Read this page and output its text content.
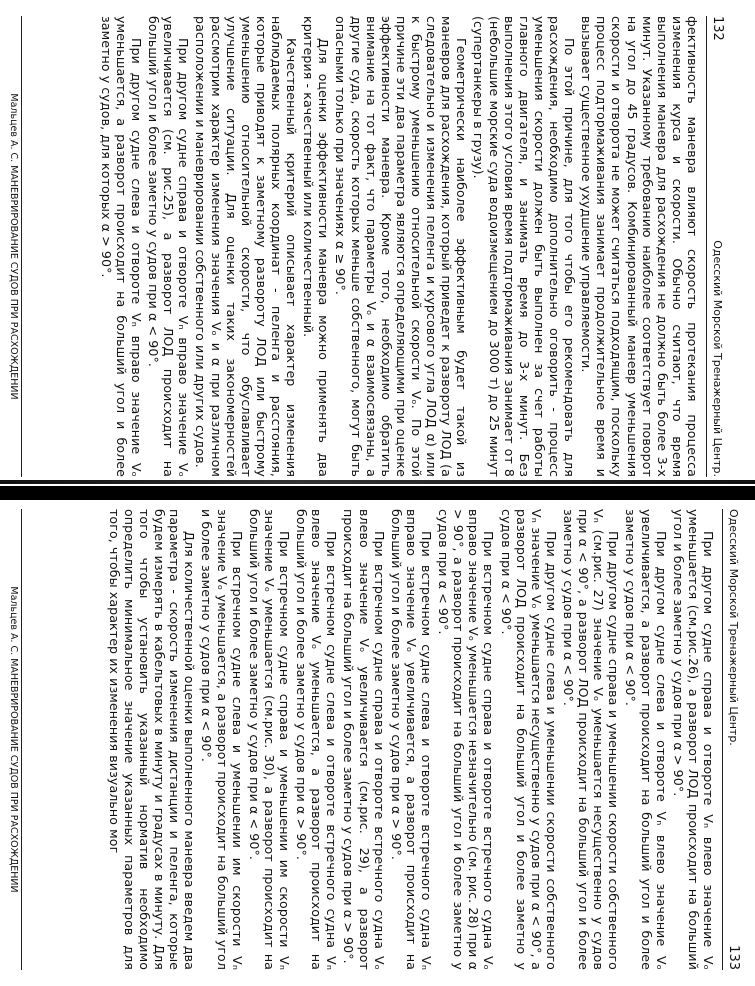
132
Одесский Морской Тренажерный Центр.

фективность маневра влияют скорость протекания процесса изменения курса и скорости. Обычно считают, что время выполнения маневра для расхождения не должно быть более 3-х минут. Указанному требованию наиболее соответствует поворот на угол до 45 градусов. Комбинированный маневр уменьшения скорости и отворота не может считаться подходящим, поскольку процесс подтормаживания занимает продолжительное время и вызывает существенное ухудшение управляемости.

По этой причине, для того чтобы его рекомендовать для расхождения, необходимо дополнительно оговорить - процесс уменьшения скорости должен быть выполнен за счет работы главного двигателя, и занимать время до 3-х минут. Без выполнения этого условия время подтормаживания занимает от 8 (небольшие морские суда водоизмещением до 3000 т) до 25 минут (супертанкеры в грузу).

Геометрически наиболее эффективным будет такой из маневров для расхождения, который приведет к развороту ЛОД (а следовательно и изменения пеленга и курсового угла ЛОД α) или к быстрому уменьшению относительной скорости Vₒ. По этой причине эти два параметра являются определяющими при оценке эффективности маневра. Кроме того, необходимо обратить внимание на тот факт, что параметры Vₒ и α взаимосвязаны, а другие суда, скорость которых меньше собственного, могут быть опасными только при значениях α ≥ 90°.

Для оценки эффективности маневра можно применять два критерия - качественный или количественный.

Качественный критерий описывает характер изменения наблюдаемых полярных координат - пеленга и расстояния, которые приводят к заметному развороту ЛОД или быстрому уменьшению относительной скорости, что обуславливает улучшение ситуации. Для оценки таких закономерностей рассмотрим характер изменения значения Vₒ и α при различном расположении и маневрировании собственного или других судов.

При другом судне справа и отвороте Vₙ вправо значение Vₒ увеличивается (см. рис.25), а разворот ЛОД происходит на больший угол и более заметно у судов при α < 90°.

При другом судне слева и отвороте Vₙ вправо значение Vₒ уменьшается, а разворот происходит на больший угол и более заметно у судов, для которых α > 90°.

Мальцев А. С. МАНЕВРИРОВАНИЕ СУДОВ ПРИ РАСХОЖДЕНИИ
Одесский Морской Тренажерный Центр.
133

При другом судне справа и отвороте Vₙ влево значение Vₒ уменьшается (см.рис.26), а разворот ЛОД происходит на больший угол и более заметно у судов при α > 90°.

При другом судне слева и отвороте Vₙ влево значение Vₒ увеличивается, а разворот происходит на больший угол и более заметно у судов при α < 90°.

При другом судне справа и уменьшении скорости собственного Vₙ (см.рис. 27) значение Vₒ уменьшается несущественно у судов при α < 90°, а разворот ЛОД происходит на больший угол и более заметно у судов при α < 90°.

При другом судне слева и уменьшении скорости собственного Vₙ значение Vₒ уменьшается несущественно у судов при α < 90°, а разворот ЛОД происходит на больший угол и более заметно у судов при α < 90°.

При встречном судне справа и отвороте встречного судна Vₒ вправо значение Vₒ уменьшается незначительно (см. рис. 28) при α > 90°, а разворот происходит на больший угол и более заметно у судов при α < 90°.

При встречном судне слева и отвороте встречного судна Vₙ вправо значение Vₒ увеличивается, а разворот происходит на больший угол и более заметно у судов при α > 90°.

При встречном судне справа и отвороте встречного судна Vₒ влево значение Vₒ увеличивается (см.рис. 29), а разворот происходит на больший угол и более заметно у судов при α > 90°.

При встречном судне слева и отвороте встречного судна Vₙ влево значение Vₒ уменьшается, а разворот происходит на больший угол и более заметно у судов при α > 90°.

При встречном судне справа и уменьшении им скорости Vₙ значение Vₒ уменьшается (см.рис. 30), а разворот происходит на больший угол и более заметно у судов при α < 90°.

При встречном судне слева и уменьшении им скорости Vₙ значение Vₒ уменьшается, а разворот происходит на больший угол и более заметно у судов при α < 90°.

Для количественной оценки выполненного маневра введем два параметра - скорость изменения дистанции и пеленга, которые будем измерять в кабельтовых в минуту и градусах в минуту. Для того чтобы установить указанный норматив необходимо определить минимальное значение указанных параметров для того, чтобы характер их изменения визуально мог

Мальцев А. С. МАНЕВРИРОВАНИЕ СУДОВ ПРИ РАСХОЖДЕНИИ
